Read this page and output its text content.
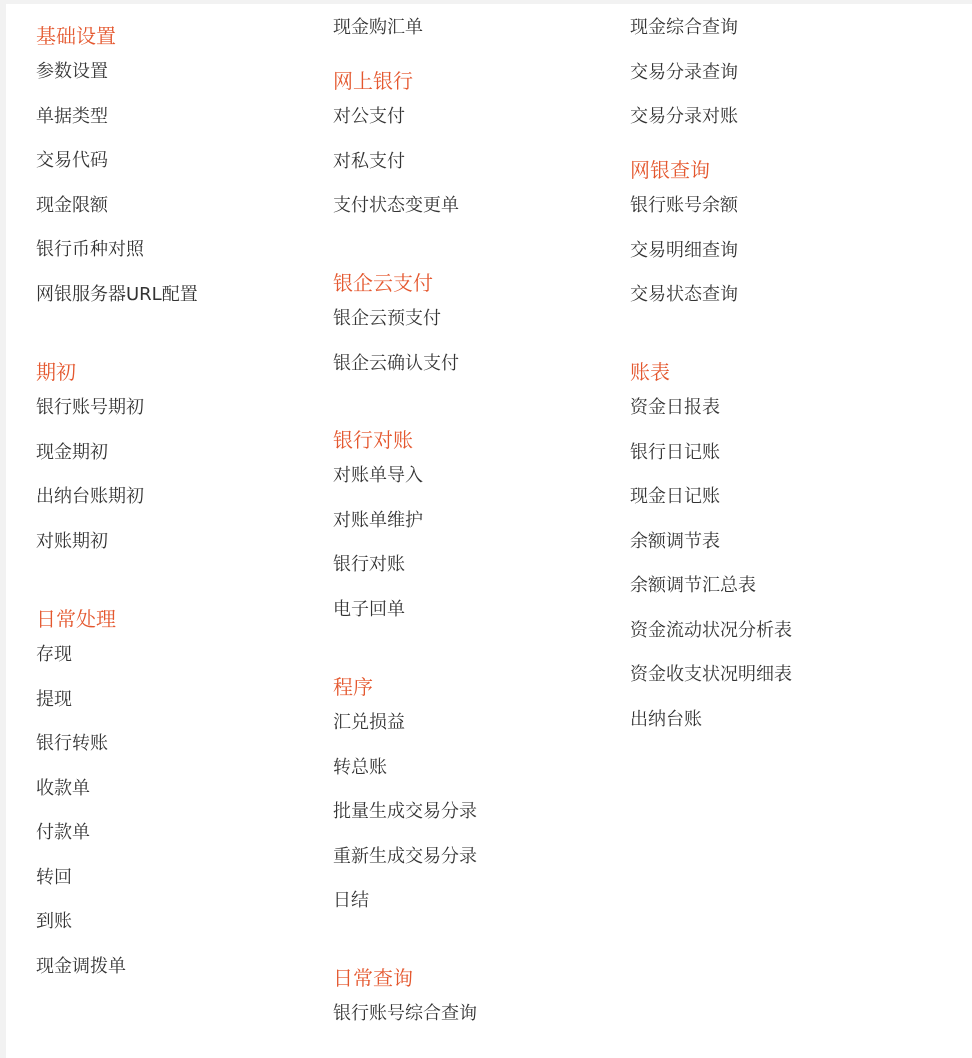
基础设置
参数设置
单据类型
交易代码
现金限额
银行币种对照
网银服务器URL配置
期初
银行账号期初
现金期初
出纳台账期初
对账期初
日常处理
存现
提现
银行转账
收款单
付款单
转回
到账
现金调拨单
现金购汇单
网上银行
对公支付
对私支付
支付状态变更单
银企云支付
银企云预支付
银企云确认支付
银行对账
对账单导入
对账单维护
银行对账
电子回单
程序
汇兑损益
转总账
批量生成交易分录
重新生成交易分录
日结
日常查询
银行账号综合查询
现金综合查询
交易分录查询
交易分录对账
网银查询
银行账号余额
交易明细查询
交易状态查询
账表
资金日报表
银行日记账
现金日记账
余额调节表
余额调节汇总表
资金流动状况分析表
资金收支状况明细表
出纳台账
